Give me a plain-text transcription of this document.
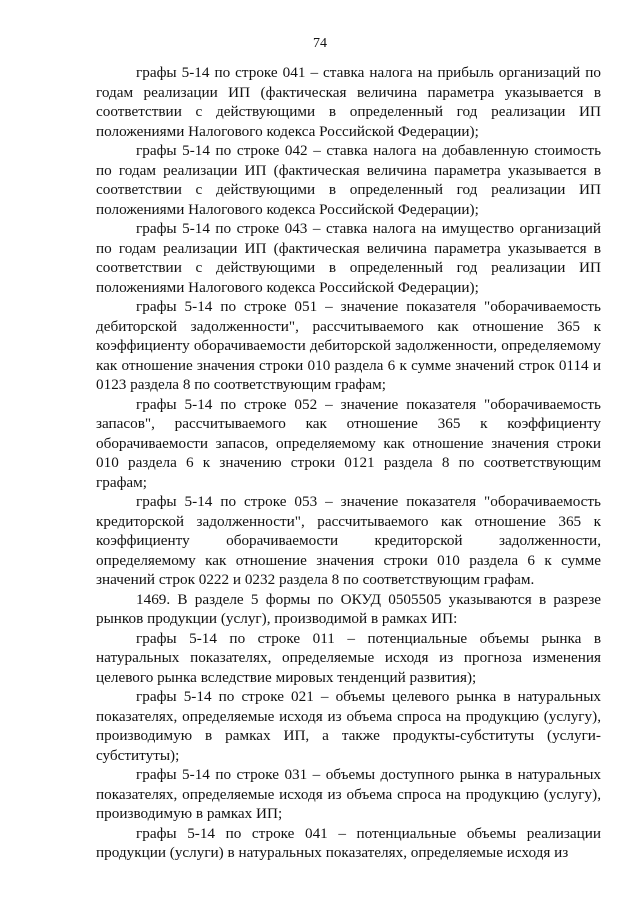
74

графы 5-14 по строке 041 – ставка налога на прибыль организаций по годам реализации ИП (фактическая величина параметра указывается в соответствии с действующими в определенный год реализации ИП положениями Налогового кодекса Российской Федерации);

графы 5-14 по строке 042 – ставка налога на добавленную стоимость по годам реализации ИП (фактическая величина параметра указывается в соответствии с действующими в определенный год реализации ИП положениями Налогового кодекса Российской Федерации);

графы 5-14 по строке 043 – ставка налога на имущество организаций по годам реализации ИП (фактическая величина параметра указывается в соответствии с действующими в определенный год реализации ИП положениями Налогового кодекса Российской Федерации);

графы 5-14 по строке 051 – значение показателя "оборачиваемость дебиторской задолженности", рассчитываемого как отношение 365 к коэффициенту оборачиваемости дебиторской задолженности, определяемому как отношение значения строки 010 раздела 6 к сумме значений строк 0114 и 0123 раздела 8 по соответствующим графам;

графы 5-14 по строке 052 – значение показателя "оборачиваемость запасов", рассчитываемого как отношение 365 к коэффициенту оборачиваемости запасов, определяемому как отношение значения строки 010 раздела 6 к значению строки 0121 раздела 8 по соответствующим графам;

графы 5-14 по строке 053 – значение показателя "оборачиваемость кредиторской задолженности", рассчитываемого как отношение 365 к коэффициенту оборачиваемости кредиторской задолженности, определяемому как отношение значения строки 010 раздела 6 к сумме значений строк 0222 и 0232 раздела 8 по соответствующим графам.

1469. В разделе 5 формы по ОКУД 0505505 указываются в разрезе рынков продукции (услуг), производимой в рамках ИП:

графы 5-14 по строке 011 – потенциальные объемы рынка в натуральных показателях, определяемые исходя из прогноза изменения целевого рынка вследствие мировых тенденций развития);

графы 5-14 по строке 021 – объемы целевого рынка в натуральных показателях, определяемые исходя из объема спроса на продукцию (услугу), производимую в рамках ИП, а также продукты-субституты (услуги-субституты);

графы 5-14 по строке 031 – объемы доступного рынка в натуральных показателях, определяемые исходя из объема спроса на продукцию (услугу), производимую в рамках ИП;

графы 5-14 по строке 041 – потенциальные объемы реализации продукции (услуги) в натуральных показателях, определяемые исходя из
